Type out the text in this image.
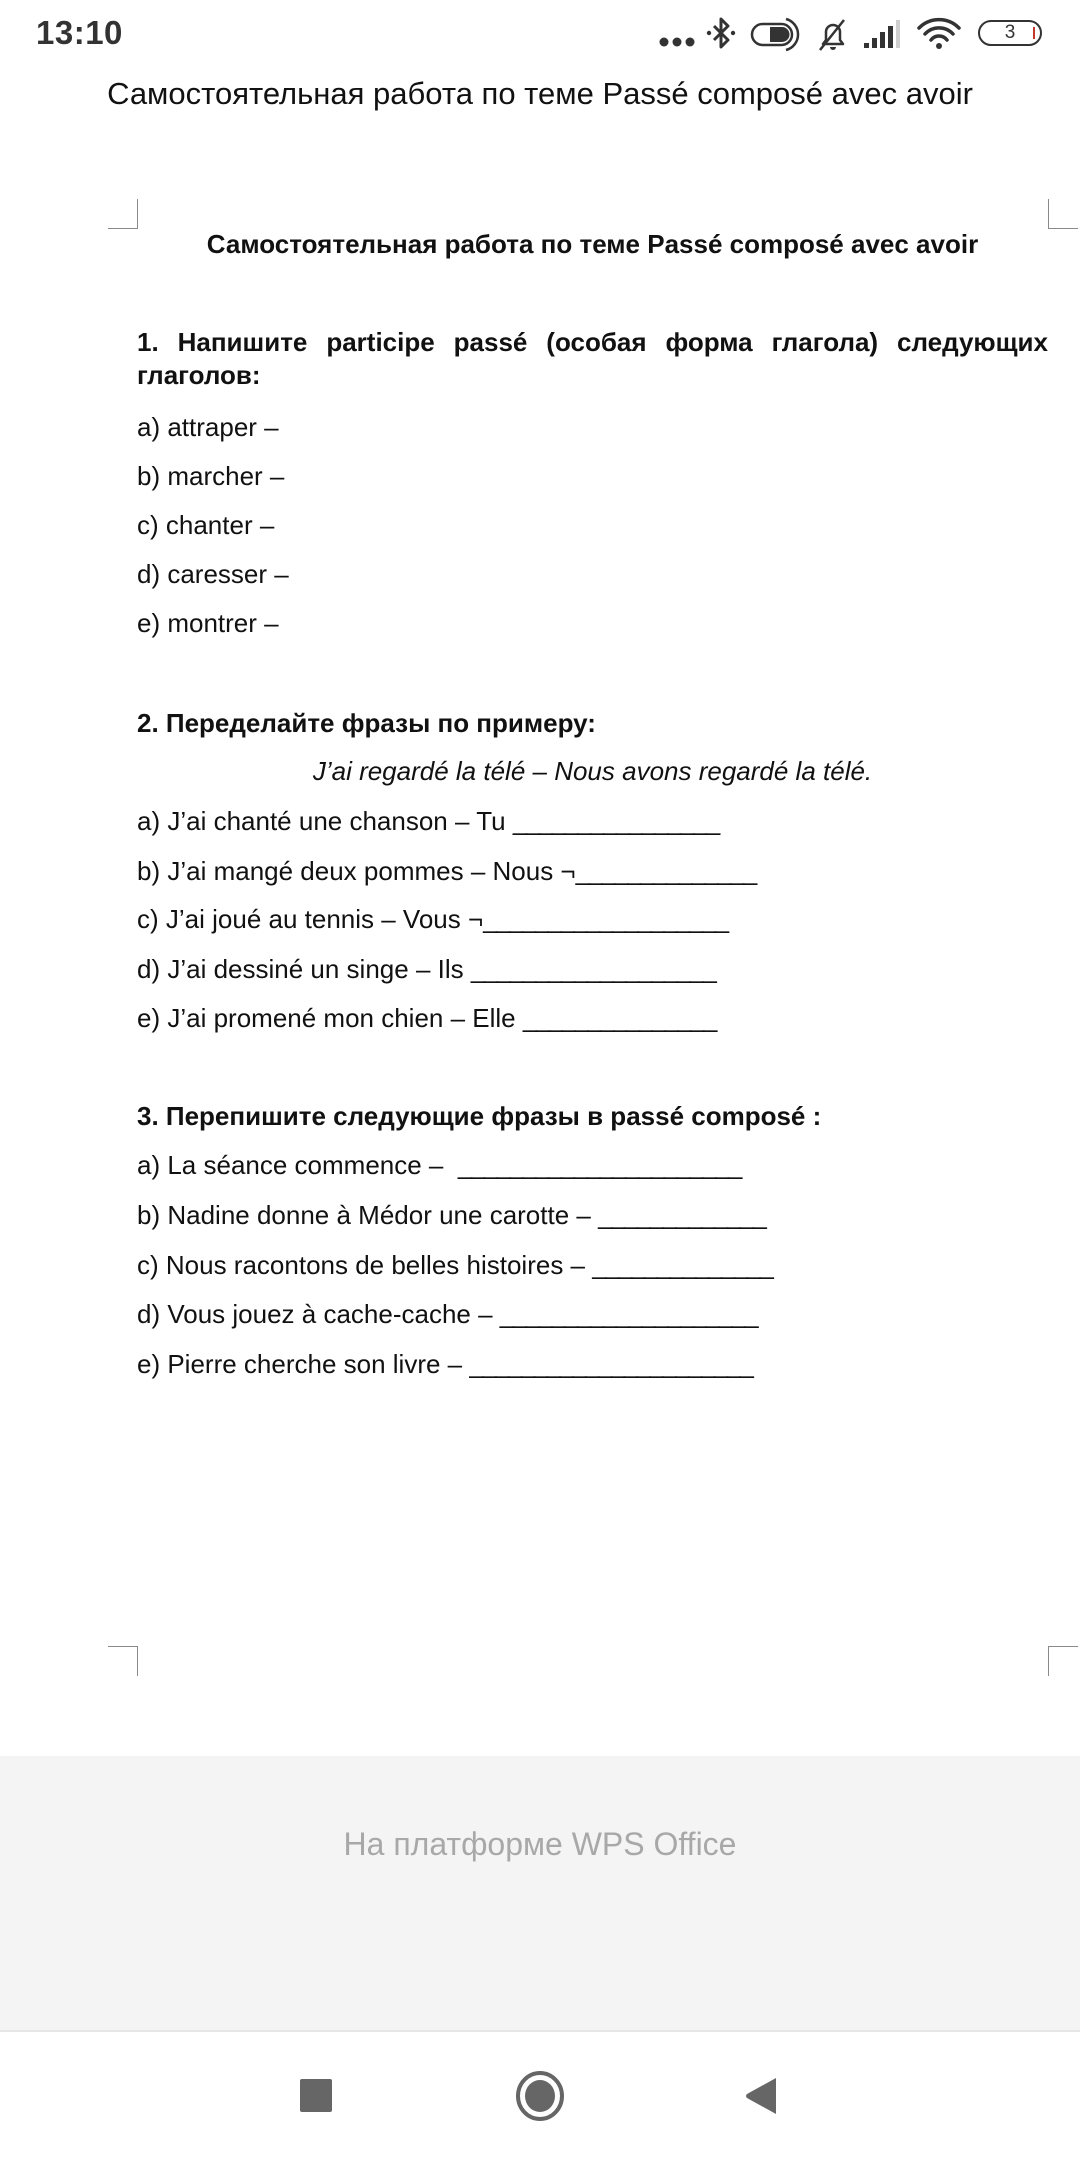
13:10	3
Самостоятельная работа по теме Passé composé avec avoir
Самостоятельная работа по теме Passé composé avec avoir
1. Напишите participe passé (особая форма глагола) следующих
глаголов:
a) attraper –
b) marcher –
c) chanter –
d) caresser –
e) montrer –
2. Переделайте фразы по примеру:
J’ai regardé la télé – Nous avons regardé la télé.
a) J’ai chanté une chanson – Tu ________________
b) J’ai mangé deux pommes – Nous ¬______________
c) J’ai joué au tennis – Vous ¬___________________
d) J’ai dessiné un singe – Ils ___________________
e) J’ai promené mon chien – Elle _______________
3. Перепишите следующие фразы в passé composé :
a) La séance commence –  ______________________
b) Nadine donne à Médor une carotte – _____________
c) Nous racontons de belles histoires – ______________
d) Vous jouez à cache-cache – ____________________
e) Pierre cherche son livre – ______________________
На платформе WPS Office
